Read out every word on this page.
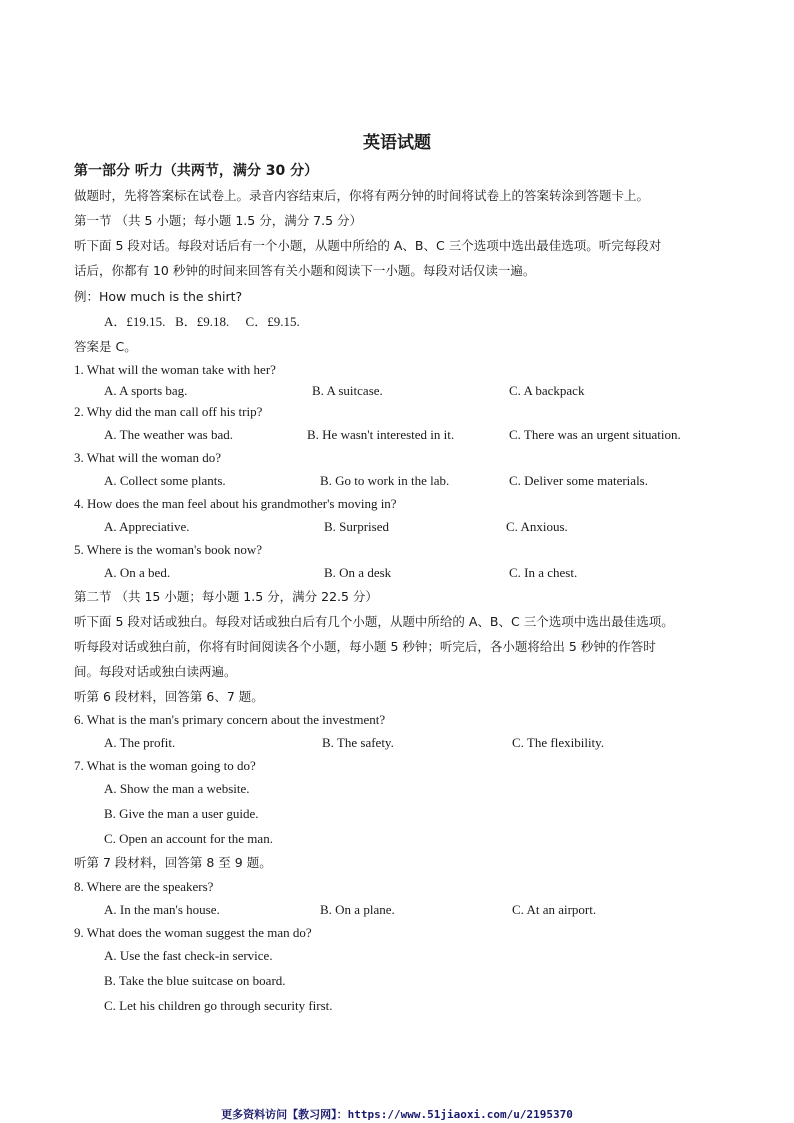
英语试题
第一部分 听力（共两节，满分 30 分）
做题时，先将答案标在试卷上。录音内容结束后，你将有两分钟的时间将试卷上的答案转涂到答题卡上。
第一节 （共 5 小题；每小题 1.5 分，满分 7.5 分）
听下面 5 段对话。每段对话后有一个小题，从题中所给的 A、B、C 三个选项中选出最佳选项。听完每段对
话后，你都有 10 秒钟的时间来回答有关小题和阅读下一小题。每段对话仅读一遍。
例：How much is the shirt?
A．£19.15.   B．£9.18.     C．£9.15.
答案是 C。
1. What will the woman take with her?
A. A sports bag.	B. A suitcase.	C. A backpack
2. Why did the man call off his trip?
A. The weather was bad.	B. He wasn't interested in it.	C. There was an urgent situation.
3. What will the woman do?
A. Collect some plants.	B. Go to work in the lab.	C. Deliver some materials.
4. How does the man feel about his grandmother's moving in?
A. Appreciative.	B. Surprised	C. Anxious.
5. Where is the woman's book now?
A. On a bed.	B. On a desk	C. In a chest.
第二节 （共 15 小题；每小题 1.5 分，满分 22.5 分）
听下面 5 段对话或独白。每段对话或独白后有几个小题，从题中所给的 A、B、C 三个选项中选出最佳选项。
听每段对话或独白前，你将有时间阅读各个小题，每小题 5 秒钟；听完后，各小题将给出 5 秒钟的作答时
间。每段对话或独白读两遍。
听第 6 段材料，回答第 6、7 题。
6. What is the man's primary concern about the investment?
A. The profit.	B. The safety.	C. The flexibility.
7. What is the woman going to do?
A. Show the man a website.
B. Give the man a user guide.
C. Open an account for the man.
听第 7 段材料，回答第 8 至 9 题。
8. Where are the speakers?
A. In the man's house.	B. On a plane.	C. At an airport.
9. What does the woman suggest the man do?
A. Use the fast check-in service.
B. Take the blue suitcase on board.
C. Let his children go through security first.
更多资料访问【教习网】：https://www.51jiaoxi.com/u/2195370
